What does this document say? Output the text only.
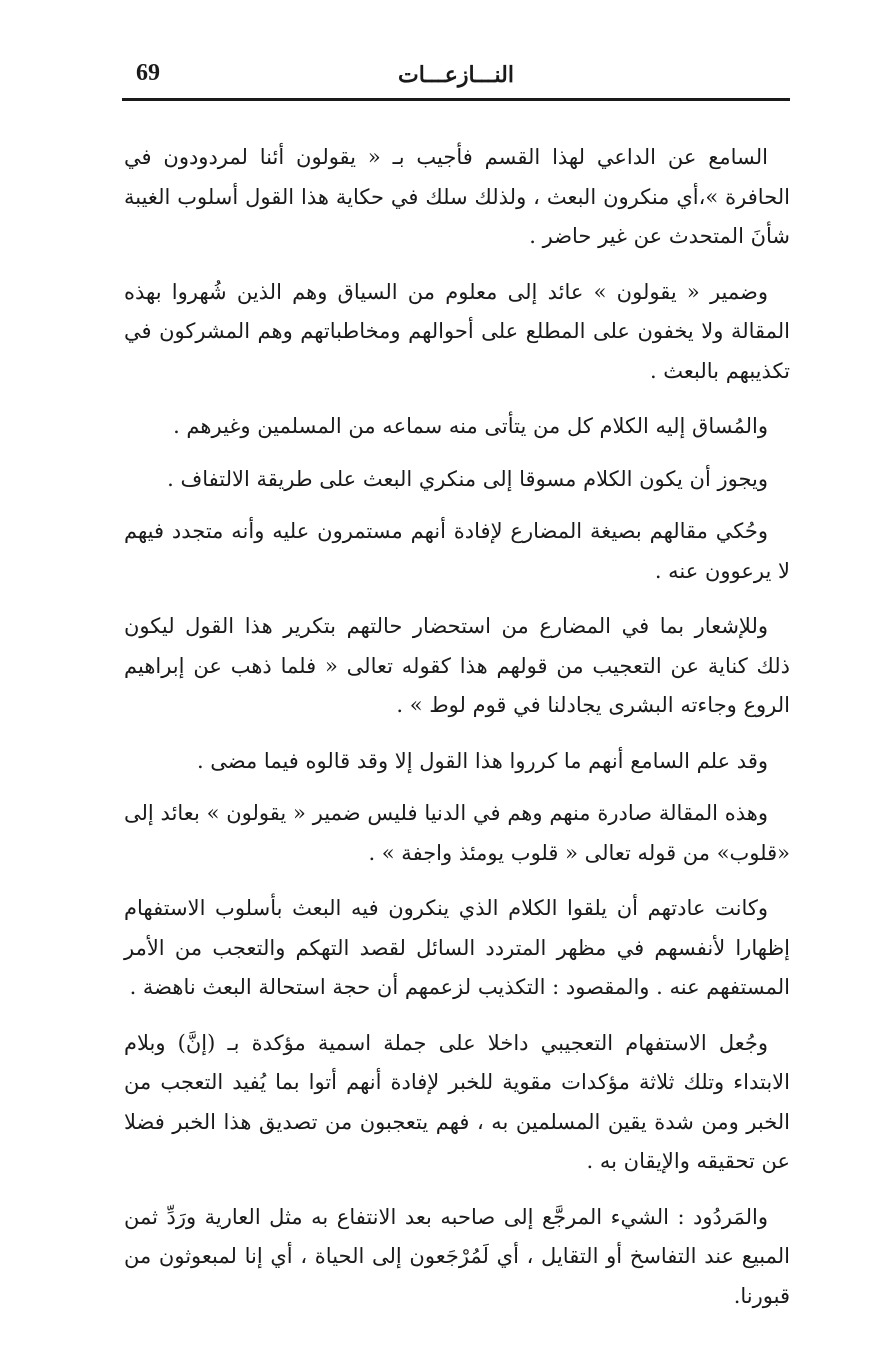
النـــازعـــات
69

السامع عن الداعي لهذا القسم فأجيب بـ « يقولون أئنا لمردودون في الحافرة »،أي منكرون البعث ، ولذلك سلك في حكاية هذا القول أسلوب الغيبة شأنَ المتحدث عن غير حاضر .

وضمير « يقولون » عائد إلى معلوم من السياق وهم الذين شُهروا بهذه المقالة ولا يخفون على المطلع على أحوالهم ومخاطباتهم وهم المشركون في تكذيبهم بالبعث .

والمُساق إليه الكلام كل من يتأتى منه سماعه من المسلمين وغيرهم .

ويجوز أن يكون الكلام مسوقا إلى منكري البعث على طريقة الالتفاف .

وحُكي مقالهم بصيغة المضارع لإفادة أنهم مستمرون عليه وأنه متجدد فيهم لا يرعوون عنه .

وللإشعار بما في المضارع من استحضار حالتهم بتكرير هذا القول ليكون ذلك كناية عن التعجيب من قولهم هذا كقوله تعالى « فلما ذهب عن إبراهيم الروع وجاءته البشرى يجادلنا في قوم لوط » .

وقد علم السامع أنهم ما كرروا هذا القول إلا وقد قالوه فيما مضى .

وهذه المقالة صادرة منهم وهم في الدنيا فليس ضمير « يقولون » بعائد إلى «قلوب» من قوله تعالى « قلوب يومئذ واجفة » .

وكانت عادتهم أن يلقوا الكلام الذي ينكرون فيه البعث بأسلوب الاستفهام إظهارا لأنفسهم في مظهر المتردد السائل لقصد التهكم والتعجب من الأمر المستفهم عنه . والمقصود : التكذيب لزعمهم أن حجة استحالة البعث ناهضة .

وجُعل الاستفهام التعجيبي داخلا على جملة اسمية مؤكدة بـ (إنَّ) وبلام الابتداء وتلك ثلاثة مؤكدات مقوية للخبر لإفادة أنهم أتوا بما يُفيد التعجب من الخبر ومن شدة يقين المسلمين به ، فهم يتعجبون من تصديق هذا الخبر فضلا عن تحقيقه والإيقان به .

والمَردُود : الشيء المرجَّع إلى صاحبه بعد الانتفاع به مثل العارية ورَدِّ ثمن المبيع عند التفاسخ أو التقايل ، أي لَمُرْجَعون إلى الحياة ، أي إنا لمبعوثون من قبورنا.
